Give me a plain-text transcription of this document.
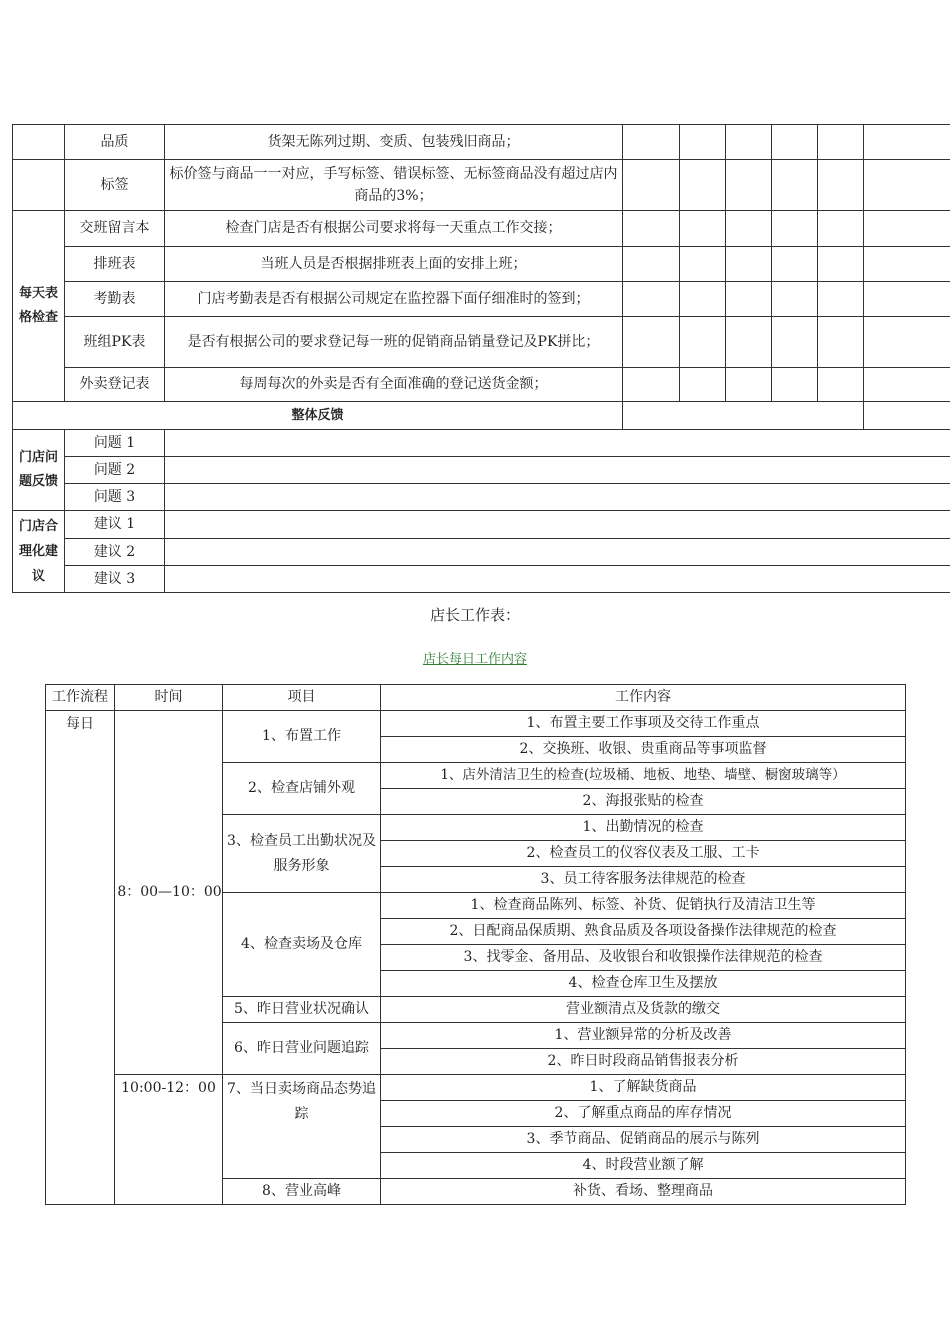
	品质	货架无陈列过期、变质、包装残旧商品；						
	标签	标价签与商品一一对应，手写标签、错误标签、无标签商品没有超过店内商品的3%；						
每天表格检查	交班留言本	检查门店是否有根据公司要求将每一天重点工作交接；						
	排班表	当班人员是否根据排班表上面的安排上班；						
	考勤表	门店考勤表是否有根据公司规定在监控器下面仔细准时的签到；						
	班组PK表	是否有根据公司的要求登记每一班的促销商品销量登记及PK拼比；						
	外卖登记表	每周每次的外卖是否有全面准确的登记送货金额；						
整体反馈								
门店问题反馈	问题 1							
	问题 2							
	问题 3							
门店合理化建议	建议 1							
	建议 2							
	建议 3							
店长工作表：
店长每日工作内容
工作流程	时间	项目	工作内容
每日	8：00—10：00	1、布置工作	1、布置主要工作事项及交待工作重点
			2、交换班、收银、贵重商品等事项监督
		2、检查店铺外观	1、店外清洁卫生的检查(垃圾桶、地板、地垫、墙壁、橱窗玻璃等）
			2、海报张贴的检查
		3、检查员工出勤状况及服务形象	1、出勤情况的检查
			2、检查员工的仪容仪表及工服、工卡
			3、员工待客服务法律规范的检查
		4、检查卖场及仓库	1、检查商品陈列、标签、补货、促销执行及清洁卫生等
			2、日配商品保质期、熟食品质及各项设备操作法律规范的检查
			3、找零金、备用品、及收银台和收银操作法律规范的检查
			4、检查仓库卫生及摆放
		5、昨日营业状况确认	营业额清点及货款的缴交
		6、昨日营业问题追踪	1、营业额异常的分析及改善
			2、昨日时段商品销售报表分析
	10:00-12：00	7、当日卖场商品态势追踪	1、了解缺货商品
			2、了解重点商品的库存情况
			3、季节商品、促销商品的展示与陈列
			4、时段营业额了解
		8、营业高峰	补货、看场、整理商品
